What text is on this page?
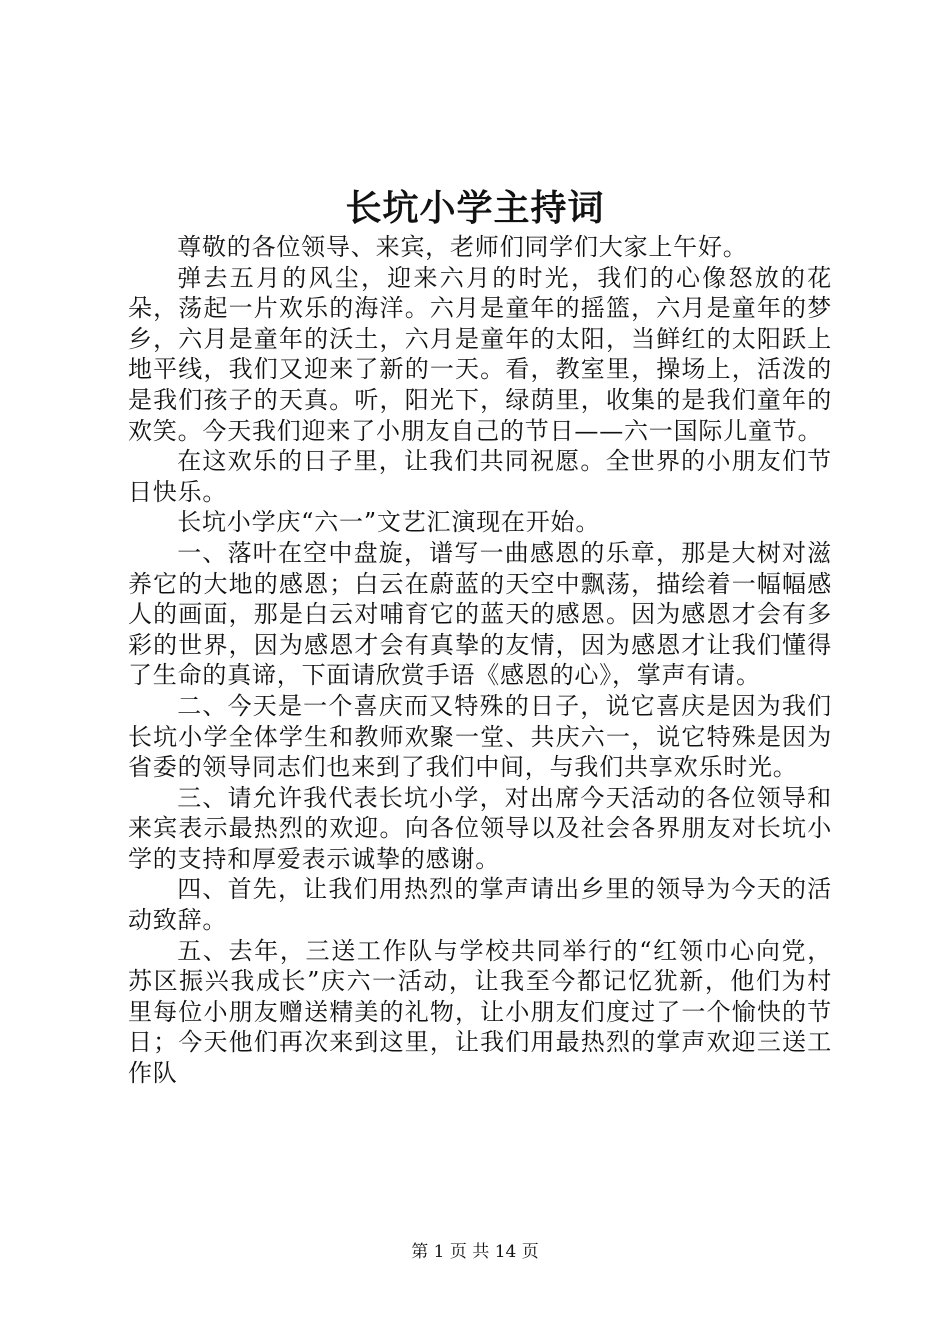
长坑小学主持词

尊敬的各位领导、来宾，老师们同学们大家上午好。

弹去五月的风尘，迎来六月的时光，我们的心像怒放的花朵，荡起一片欢乐的海洋。六月是童年的摇篮，六月是童年的梦乡，六月是童年的沃土，六月是童年的太阳，当鲜红的太阳跃上地平线，我们又迎来了新的一天。看，教室里，操场上，活泼的是我们孩子的天真。听，阳光下，绿荫里，收集的是我们童年的欢笑。今天我们迎来了小朋友自己的节日——六一国际儿童节。

在这欢乐的日子里，让我们共同祝愿。全世界的小朋友们节日快乐。

长坑小学庆“六一”文艺汇演现在开始。

一、落叶在空中盘旋，谱写一曲感恩的乐章，那是大树对滋养它的大地的感恩；白云在蔚蓝的天空中飘荡，描绘着一幅幅感人的画面，那是白云对哺育它的蓝天的感恩。因为感恩才会有多彩的世界，因为感恩才会有真挚的友情，因为感恩才让我们懂得了生命的真谛，下面请欣赏手语《感恩的心》，掌声有请。

二、今天是一个喜庆而又特殊的日子，说它喜庆是因为我们长坑小学全体学生和教师欢聚一堂、共庆六一，说它特殊是因为省委的领导同志们也来到了我们中间，与我们共享欢乐时光。

三、请允许我代表长坑小学，对出席今天活动的各位领导和来宾表示最热烈的欢迎。向各位领导以及社会各界朋友对长坑小学的支持和厚爱表示诚挚的感谢。

四、首先，让我们用热烈的掌声请出乡里的领导为今天的活动致辞。

五、去年，三送工作队与学校共同举行的“红领巾心向党，苏区振兴我成长”庆六一活动，让我至今都记忆犹新，他们为村里每位小朋友赠送精美的礼物，让小朋友们度过了一个愉快的节日；今天他们再次来到这里，让我们用最热烈的掌声欢迎三送工作队

第 1 页 共 14 页
